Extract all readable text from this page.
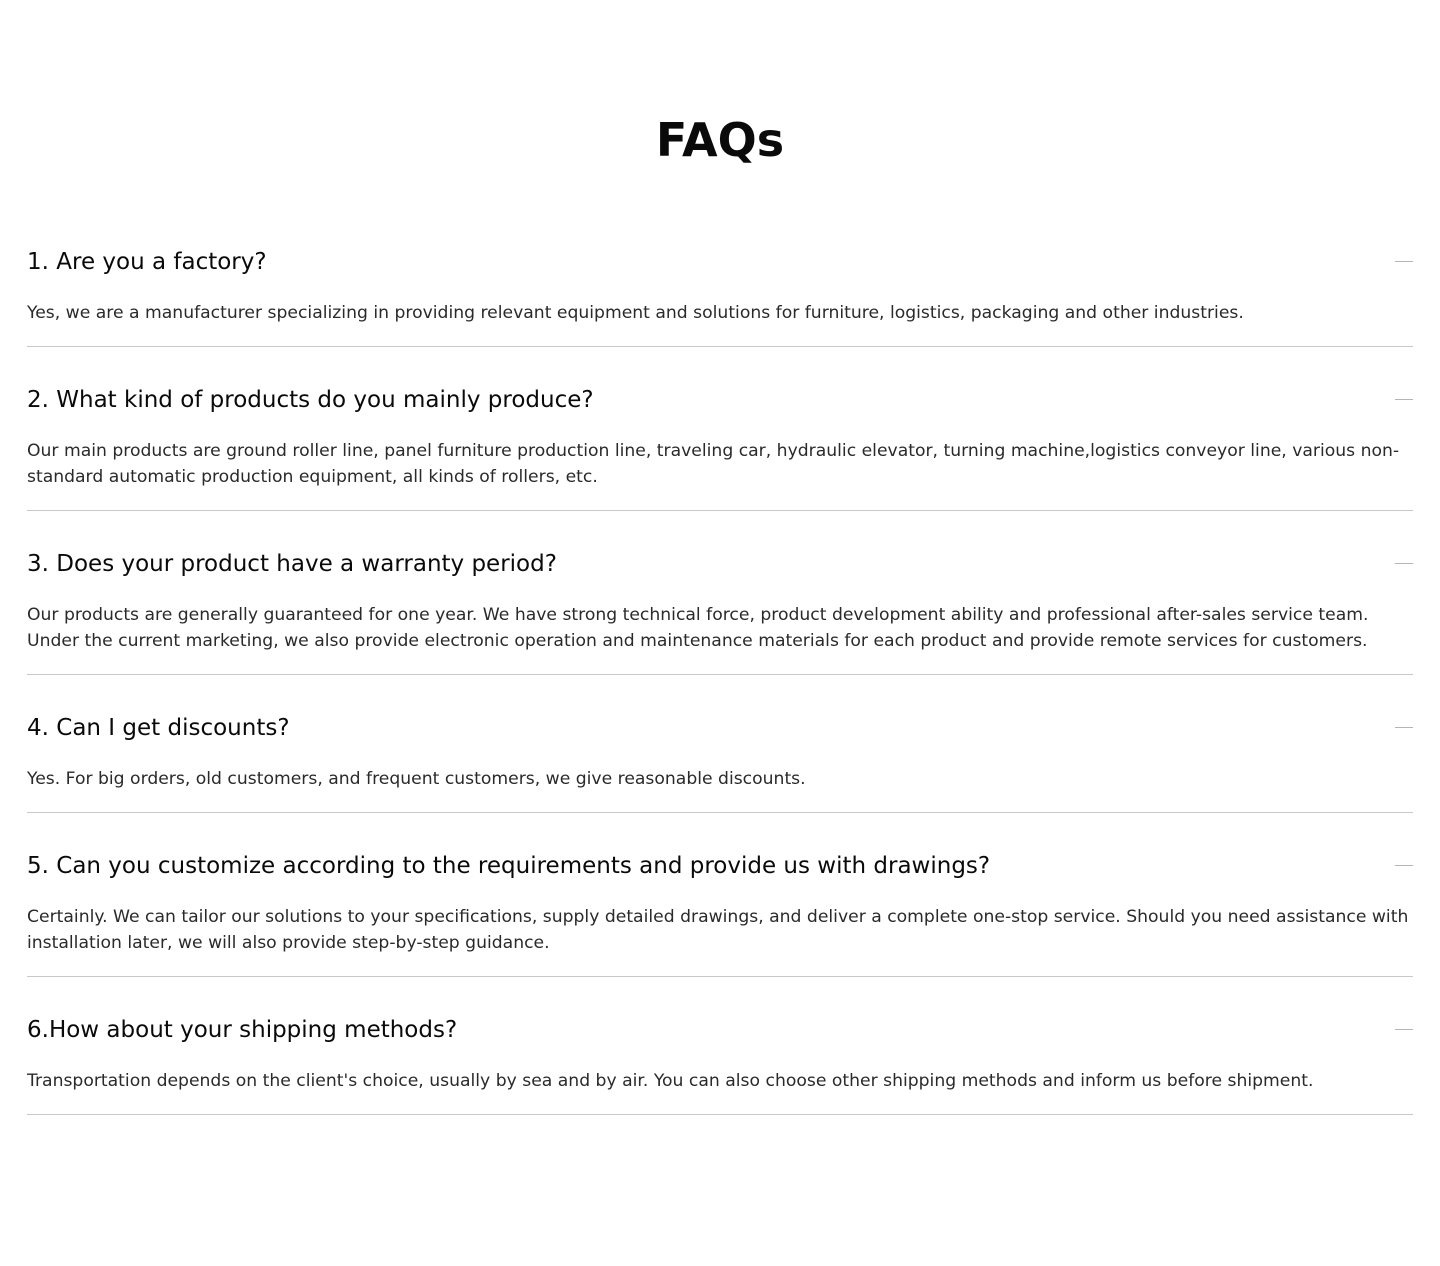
FAQs
1. Are you a factory?
Yes, we are a manufacturer specializing in providing relevant equipment and solutions for furniture, logistics, packaging and other industries.
2. What kind of products do you mainly produce?
Our main products are ground roller line, panel furniture production line, traveling car, hydraulic elevator, turning machine,logistics conveyor line, various non-standard automatic production equipment, all kinds of rollers, etc.
3. Does your product have a warranty period?
Our products are generally guaranteed for one year. We have strong technical force, product development ability and professional after-sales service team. Under the current marketing, we also provide electronic operation and maintenance materials for each product and provide remote services for customers.
4. Can I get discounts?
Yes. For big orders, old customers, and frequent customers, we give reasonable discounts.
5. Can you customize according to the requirements and provide us with drawings?
Certainly. We can tailor our solutions to your specifications, supply detailed drawings, and deliver a complete one-stop service. Should you need assistance with installation later, we will also provide step-by-step guidance.
6.How about your shipping methods?
Transportation depends on the client's choice, usually by sea and by air. You can also choose other shipping methods and inform us before shipment.
